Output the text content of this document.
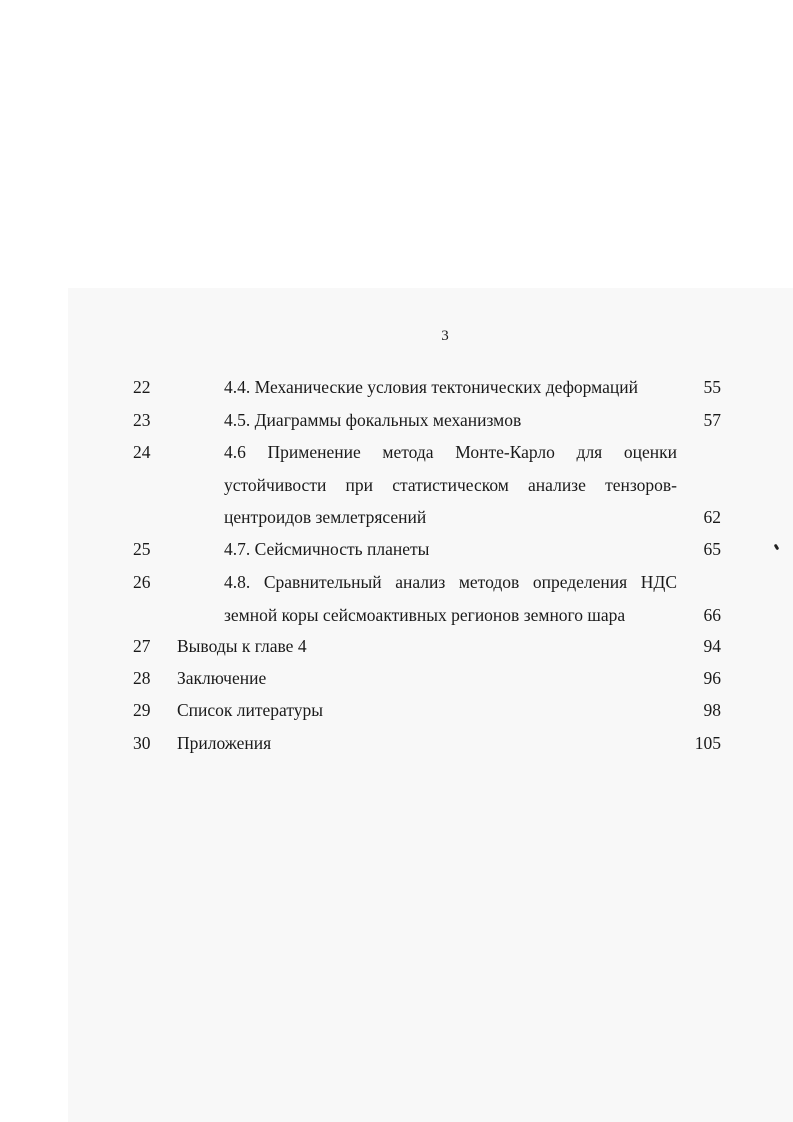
3
22	4.4. Механические условия тектонических деформаций	55
23	4.5. Диаграммы фокальных механизмов	57
24	4.6 Применение метода Монте-Карло для оценки устойчивости при статистическом анализе тензоров-центроидов землетрясений	62
25	4.7. Сейсмичность планеты	65
26	4.8. Сравнительный анализ методов определения НДС земной коры сейсмоактивных регионов земного шара	66
27 Выводы к главе 4	94
28 Заключение	96
29 Список литературы	98
30 Приложения	105
